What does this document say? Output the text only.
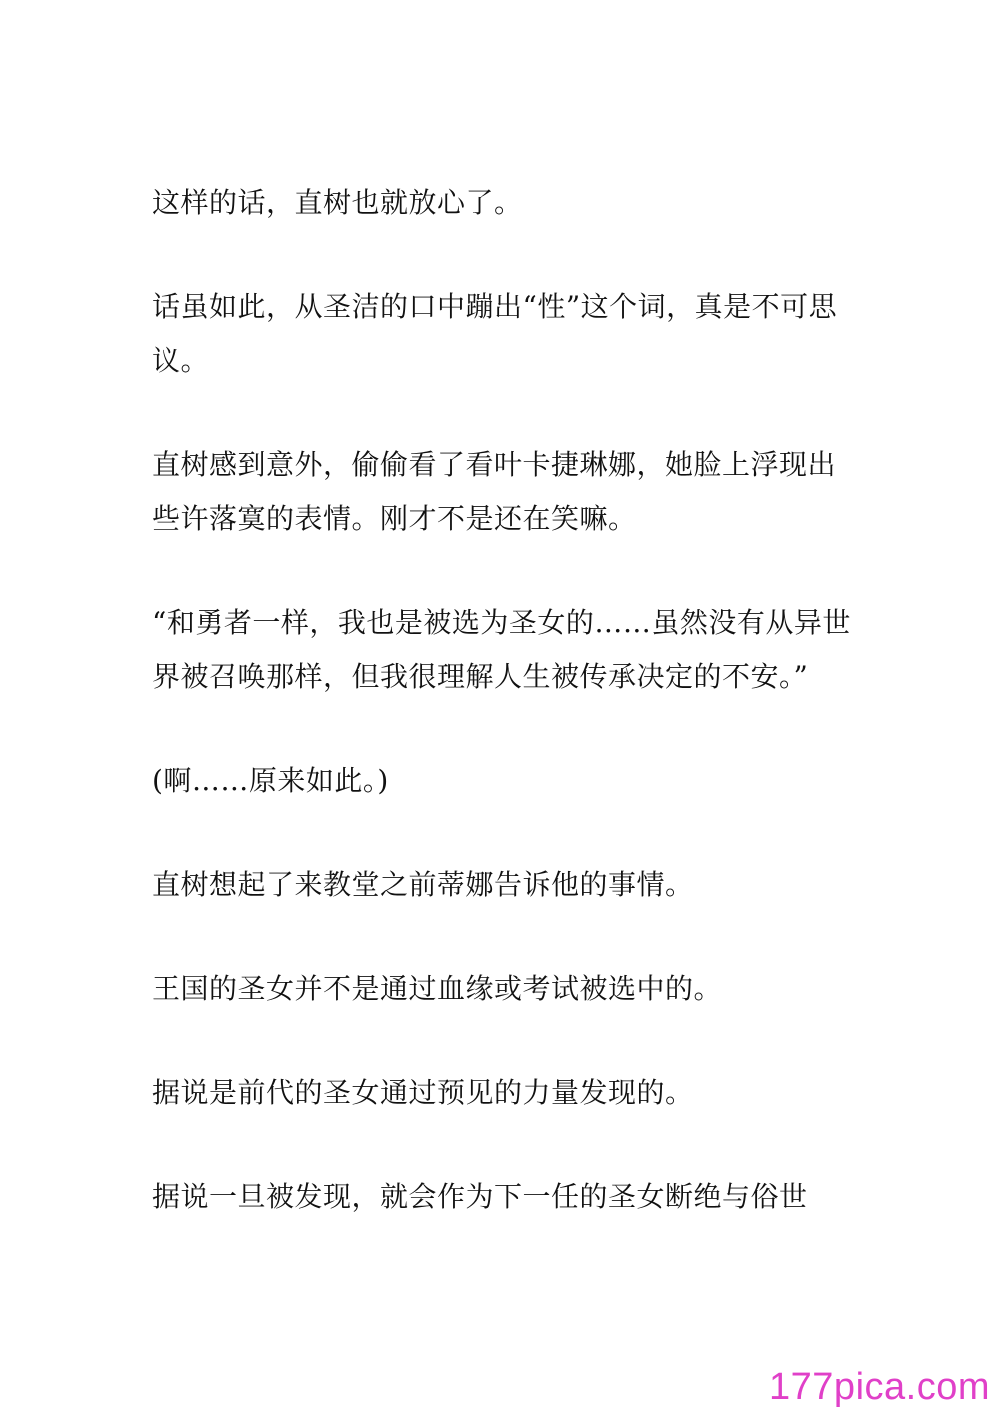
这样的话，直树也就放心了。

话虽如此，从圣洁的口中蹦出“性”这个词，真是不可思议。

直树感到意外，偷偷看了看叶卡捷琳娜，她脸上浮现出些许落寞的表情。刚才不是还在笑嘛。

“和勇者一样，我也是被选为圣女的……虽然没有从异世界被召唤那样，但我很理解人生被传承决定的不安。”

(啊……原来如此。)

直树想起了来教堂之前蒂娜告诉他的事情。

王国的圣女并不是通过血缘或考试被选中的。

据说是前代的圣女通过预见的力量发现的。

据说一旦被发现，就会作为下一任的圣女断绝与俗世

177pica.com
